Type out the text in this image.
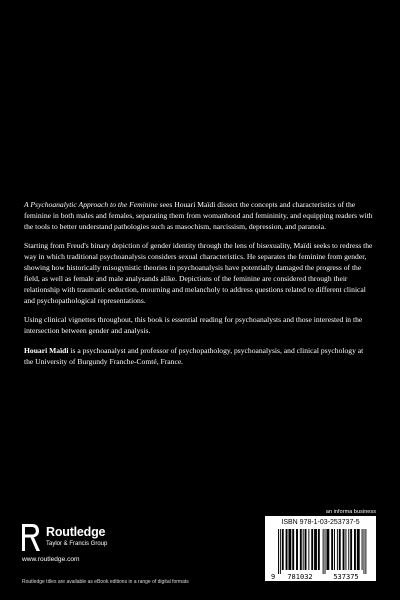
A Psychoanalytic Approach to the Feminine sees Houari Maïdi dissect the concepts and characteristics of the feminine in both males and females, separating them from womanhood and femininity, and equipping readers with the tools to better understand pathologies such as masochism, narcissism, depression, and paranoia.

Starting from Freud's binary depiction of gender identity through the lens of bisexuality, Maïdi seeks to redress the way in which traditional psychoanalysis considers sexual characteristics. He separates the feminine from gender, showing how historically misogynistic theories in psychoanalysis have potentially damaged the progress of the field, as well as female and male analysands alike. Depictions of the feminine are considered through their relationship with traumatic seduction, mourning and melancholy to address questions related to different clinical and psychopathological representations.

Using clinical vignettes throughout, this book is essential reading for psychoanalysts and those interested in the intersection between gender and analysis.

Houari Maïdi is a psychoanalyst and professor of psychopathology, psychoanalysis, and clinical psychology at the University of Burgundy Franche-Comté, France.

Routledge
Taylor & Francis Group
www.routledge.com
Routledge titles are available as eBook editions in a range of digital formats
an informa business
ISBN 978-1-03-253737-5
9 781032	537375
